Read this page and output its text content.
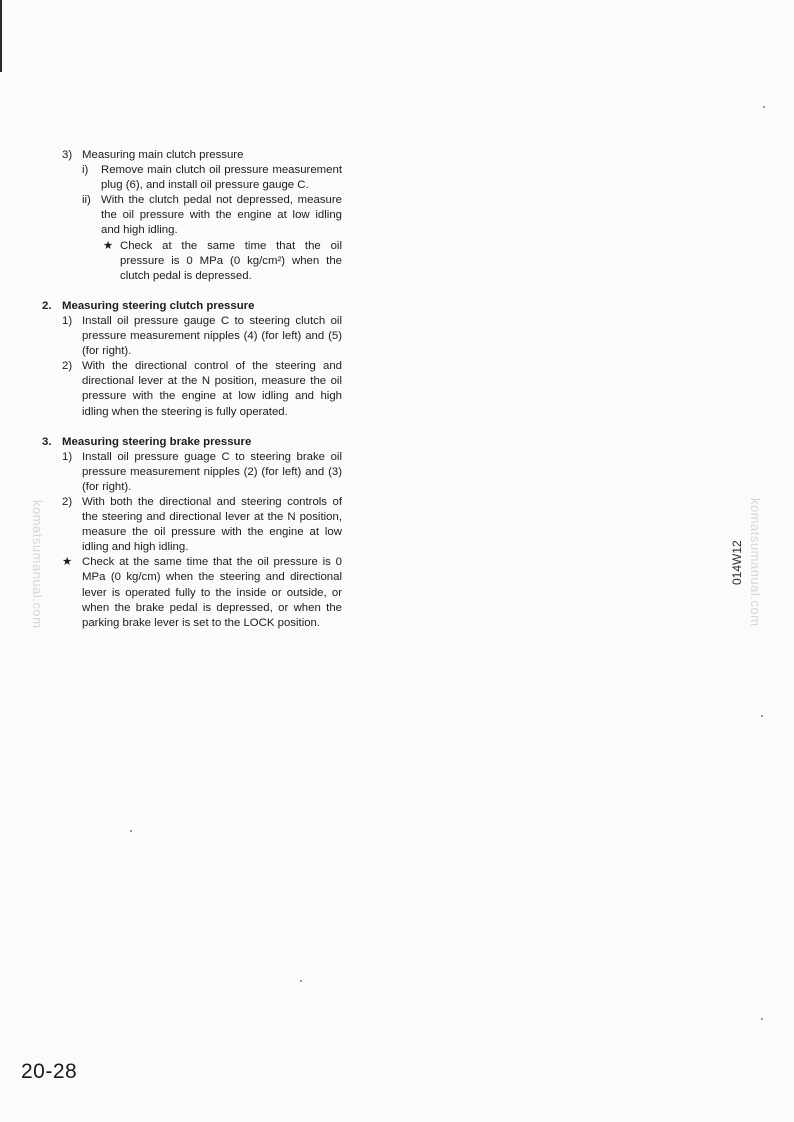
komatsumanual.com	komatsumanual.com
014W12
3) Measuring main clutch pressure
i) Remove main clutch oil pressure measurement plug (6), and install oil pressure gauge C.
ii) With the clutch pedal not depressed, measure the oil pressure with the engine at low idling and high idling.
★ Check at the same time that the oil pressure is 0 MPa (0 kg/cm²) when the clutch pedal is depressed.
2. Measuring steering clutch pressure
1) Install oil pressure gauge C to steering clutch oil pressure measurement nipples (4) (for left) and (5) (for right).
2) With the directional control of the steering and directional lever at the N position, measure the oil pressure with the engine at low idling and high idling when the steering is fully operated.
3. Measuring steering brake pressure
1) Install oil pressure guage C to steering brake oil pressure measurement nipples (2) (for left) and (3) (for right).
2) With both the directional and steering controls of the steering and directional lever at the N position, measure the oil pressure with the engine at low idling and high idling.
★ Check at the same time that the oil pressure is 0 MPa (0 kg/cm) when the steering and directional lever is operated fully to the inside or outside, or when the brake pedal is depressed, or when the parking brake lever is set to the LOCK position.
20-28
